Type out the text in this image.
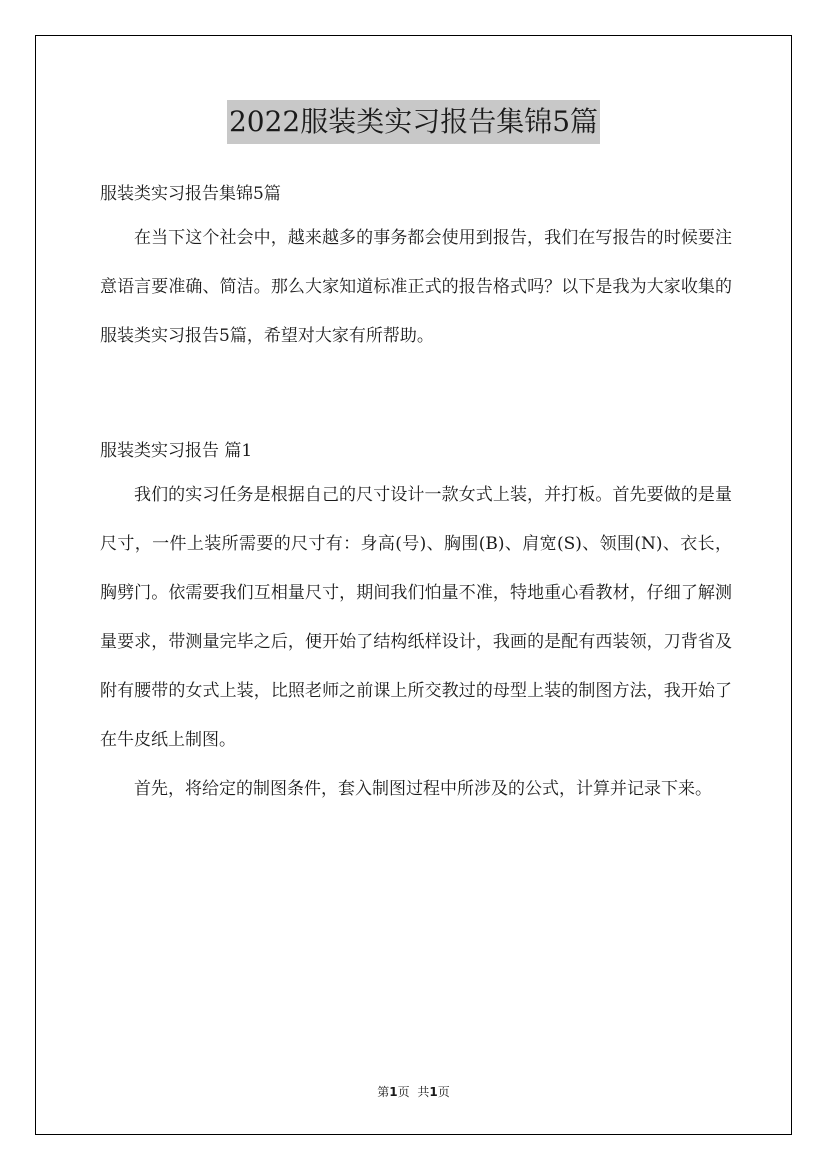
2022服装类实习报告集锦5篇

服装类实习报告集锦5篇

在当下这个社会中，越来越多的事务都会使用到报告，我们在写报告的时候要注意语言要准确、简洁。那么大家知道标准正式的报告格式吗？以下是我为大家收集的服装类实习报告5篇，希望对大家有所帮助。

服装类实习报告 篇1

我们的实习任务是根据自己的尺寸设计一款女式上装，并打板。首先要做的是量尺寸，一件上装所需要的尺寸有：身高(号)、胸围(B)、肩宽(S)、领围(N)、衣长，胸劈门。依需要我们互相量尺寸，期间我们怕量不准，特地重心看教材，仔细了解测量要求，带测量完毕之后，便开始了结构纸样设计，我画的是配有西装领，刀背省及附有腰带的女式上装，比照老师之前课上所交教过的母型上装的制图方法，我开始了在牛皮纸上制图。

首先，将给定的制图条件，套入制图过程中所涉及的公式，计算并记录下来。

第1页 共1页
